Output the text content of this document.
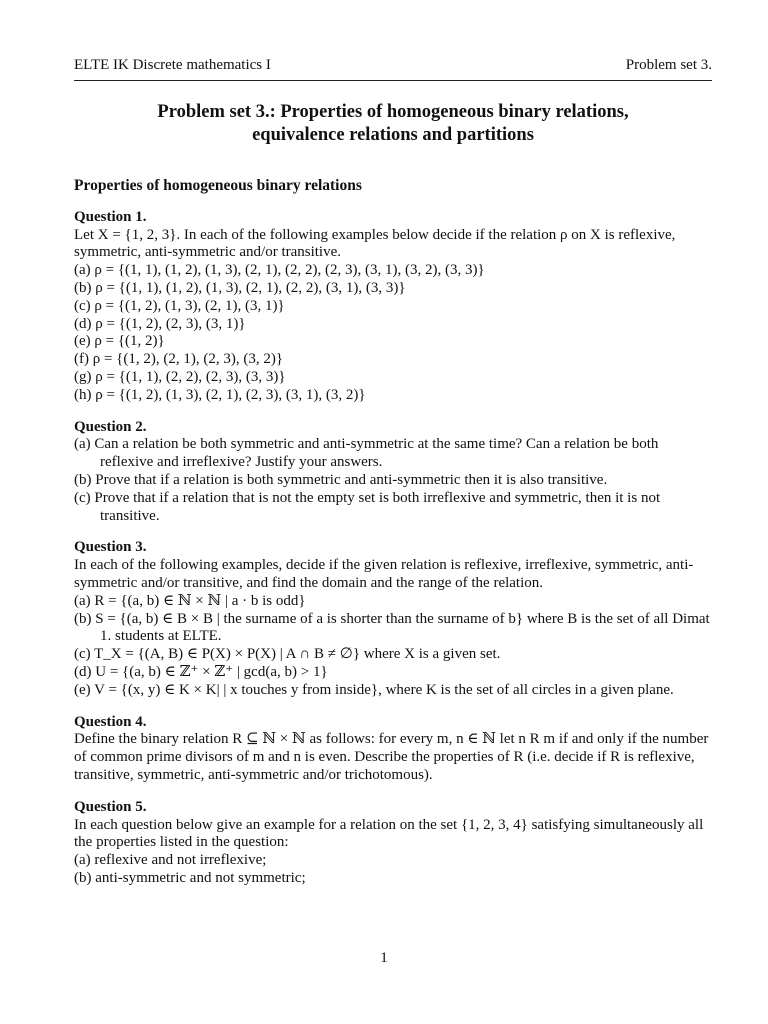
ELTE IK Discrete mathematics I	Problem set 3.
Problem set 3.: Properties of homogeneous binary relations,
equivalence relations and partitions
Properties of homogeneous binary relations
Question 1.

Let X = {1, 2, 3}. In each of the following examples below decide if the relation ρ on X is reflexive, symmetric, anti-symmetric and/or transitive.

(a) ρ = {(1, 1), (1, 2), (1, 3), (2, 1), (2, 2), (2, 3), (3, 1), (3, 2), (3, 3)}

(b) ρ = {(1, 1), (1, 2), (1, 3), (2, 1), (2, 2), (3, 1), (3, 3)}

(c) ρ = {(1, 2), (1, 3), (2, 1), (3, 1)}

(d) ρ = {(1, 2), (2, 3), (3, 1)}

(e) ρ = {(1, 2)}

(f) ρ = {(1, 2), (2, 1), (2, 3), (3, 2)}

(g) ρ = {(1, 1), (2, 2), (2, 3), (3, 3)}

(h) ρ = {(1, 2), (1, 3), (2, 1), (2, 3), (3, 1), (3, 2)}

Question 2.

(a) Can a relation be both symmetric and anti-symmetric at the same time? Can a relation be both reflexive and irreflexive? Justify your answers.

(b) Prove that if a relation is both symmetric and anti-symmetric then it is also transitive.

(c) Prove that if a relation that is not the empty set is both irreflexive and symmetric, then it is not transitive.

Question 3.

In each of the following examples, decide if the given relation is reflexive, irreflexive, symmetric, anti-symmetric and/or transitive, and find the domain and the range of the relation.

(a) R = {(a, b) ∈ ℕ × ℕ | a · b is odd}

(b) S = {(a, b) ∈ B × B | the surname of a is shorter than the surname of b} where B is the set of all Dimat 1. students at ELTE.

(c) T_X = {(A, B) ∈ P(X) × P(X) | A ∩ B ≠ ∅} where X is a given set.

(d) U = {(a, b) ∈ ℤ⁺ × ℤ⁺ | gcd(a, b) > 1}

(e) V = {(x, y) ∈ K × K| | x touches y from inside}, where K is the set of all circles in a given plane.

Question 4.

Define the binary relation R ⊆ ℕ × ℕ as follows: for every m, n ∈ ℕ let n R m if and only if the number of common prime divisors of m and n is even. Describe the properties of R (i.e. decide if R is reflexive, transitive, symmetric, anti-symmetric and/or trichotomous).

Question 5.

In each question below give an example for a relation on the set {1, 2, 3, 4} satisfying simultaneously all the properties listed in the question:

(a) reflexive and not irreflexive;

(b) anti-symmetric and not symmetric;

1
